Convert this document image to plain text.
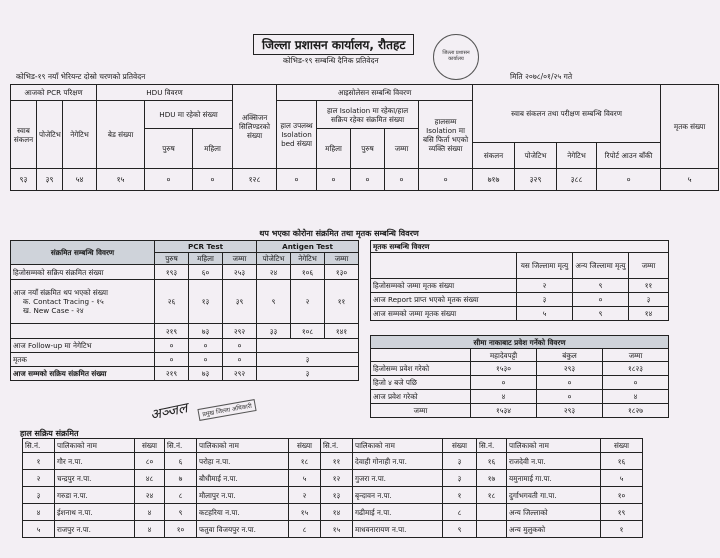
जिल्ला प्रशासन कार्यालय, रौतहट
कोभिड-१९ सम्बन्धि दैनिक प्रतिवेदन
जिल्ला प्रशासन कार्यालय
कोभिड-१९ नयाँ भेरियन्ट दोस्रो चरणको प्रतिवेदन	मिति २०७८/०१/२५ गते
आजको PCR परिक्षण			HDU विवरण			अक्सिजन सिलिण्डरको संख्या	आइसोलेसन सम्बन्धि विवरण					स्वाब संकलन तथा परीक्षण सम्बन्धि विवरण				मृतक संख्या
स्वाब संकलन	पोजेटिभ	नेगेटिभ	बेड संख्या	HDU मा रहेको संख्या			हाल उपलब्ध Isolation bed संख्या	हाल Isolation मा रहेका/हाल सक्रिय रहेका संक्रमित संख्या			हालसम्म Isolation मा बसि फिर्ता भएको व्यक्ति संख्या					
				पुरुष	महिला			महिला	पुरुष	जम्मा						
												संकलन	पोजेटिभ	नेगेटिभ	रिपोर्ट आउन बाँकी	
९३	३९	५४	१५	०	०	१२८	०	०	०	०	०	७१७	३२९	३८८	०	५
थप भएका कोरोना संक्रमित तथा मृतक सम्बन्धि विवरण
संक्रमित सम्बन्धि विवरण	PCR Test			Antigen Test		
	पुरुष	महिला	जम्मा	पोजेटिभ	नेगेटिभ	जम्मा
हिजोसम्मको सक्रिय संक्रमित संख्या	१९३	६०	२५३	२४	१०६	१३०

आज नयाँ संक्रमित थप भएको संख्या
क. Contact Tracing - १५
ख. New Case - २४	२६	१३	३९	९	२	११
	२१९	७३	२९२	३३	१०८	१४१
आज Follow-up मा नेगेटिभ	०	०	०			
मृतक	०	०	०	३		
आज सम्मको सक्रिय संक्रमित संख्या	२१९	७३	२९२	३		
मृतक सम्बन्धि विवरण			
	यस जिल्लामा मृत्यु	अन्य जिल्लामा मृत्यु	जम्मा
हिजोसम्मको जम्मा मृतक संख्या	२	९	११
आज Report प्राप्त भएको मृतक संख्या	३	०	३
आज सम्मको जम्मा मृतक संख्या	५	९	१४
सीमा नाकाबाट प्रवेश गर्नेको विवरण			
	महादेवपट्टी	बंकुल	जम्मा
हिजोसम्म प्रवेश गरेको	१५३०	२९३	१८२३
हिजो ४ बजे पछि	०	०	०
आज प्रवेश गरेको	४	०	४
जम्मा	१५३४	२९३	१८२७
अञ्जल	प्रमुख जिल्ला अधिकारी
हाल सक्रिय संक्रमित
सि.नं.	पालिकाको नाम	संख्या	सि.नं.	पालिकाको नाम	संख्या	सि.नं.	पालिकाको नाम	संख्या	सि.नं.	पालिकाको नाम	संख्या
१	गौर न.पा.	८०	६	परोहा न.पा.	१८	११	देवाही गोनाही न.पा.	३	१६	राजदेवी न.पा.	१६
२	चन्द्रपुर न.पा.	४८	७	बौधीमाई न.पा.	५	१२	गुजरा न.पा.	३	१७	यमुनामाई गा.पा.	५
३	गरुडा न.पा.	२४	८	मौलापुर न.पा.	२	१३	बृन्दावन न.पा.	१	१८	दुर्गाभगवती गा.पा.	१०
४	ईशनाथ न.पा.	४	९	कटहरिया न.पा.	१५	१४	गढीमाई न.पा.	८		अन्य जिल्लाको	१९
५	राजपुर न.पा.	४	१०	फतुवा विजयपुर न.पा.	८	१५	माधवनारायण न.पा.	९		अन्य मुलुकको	१
